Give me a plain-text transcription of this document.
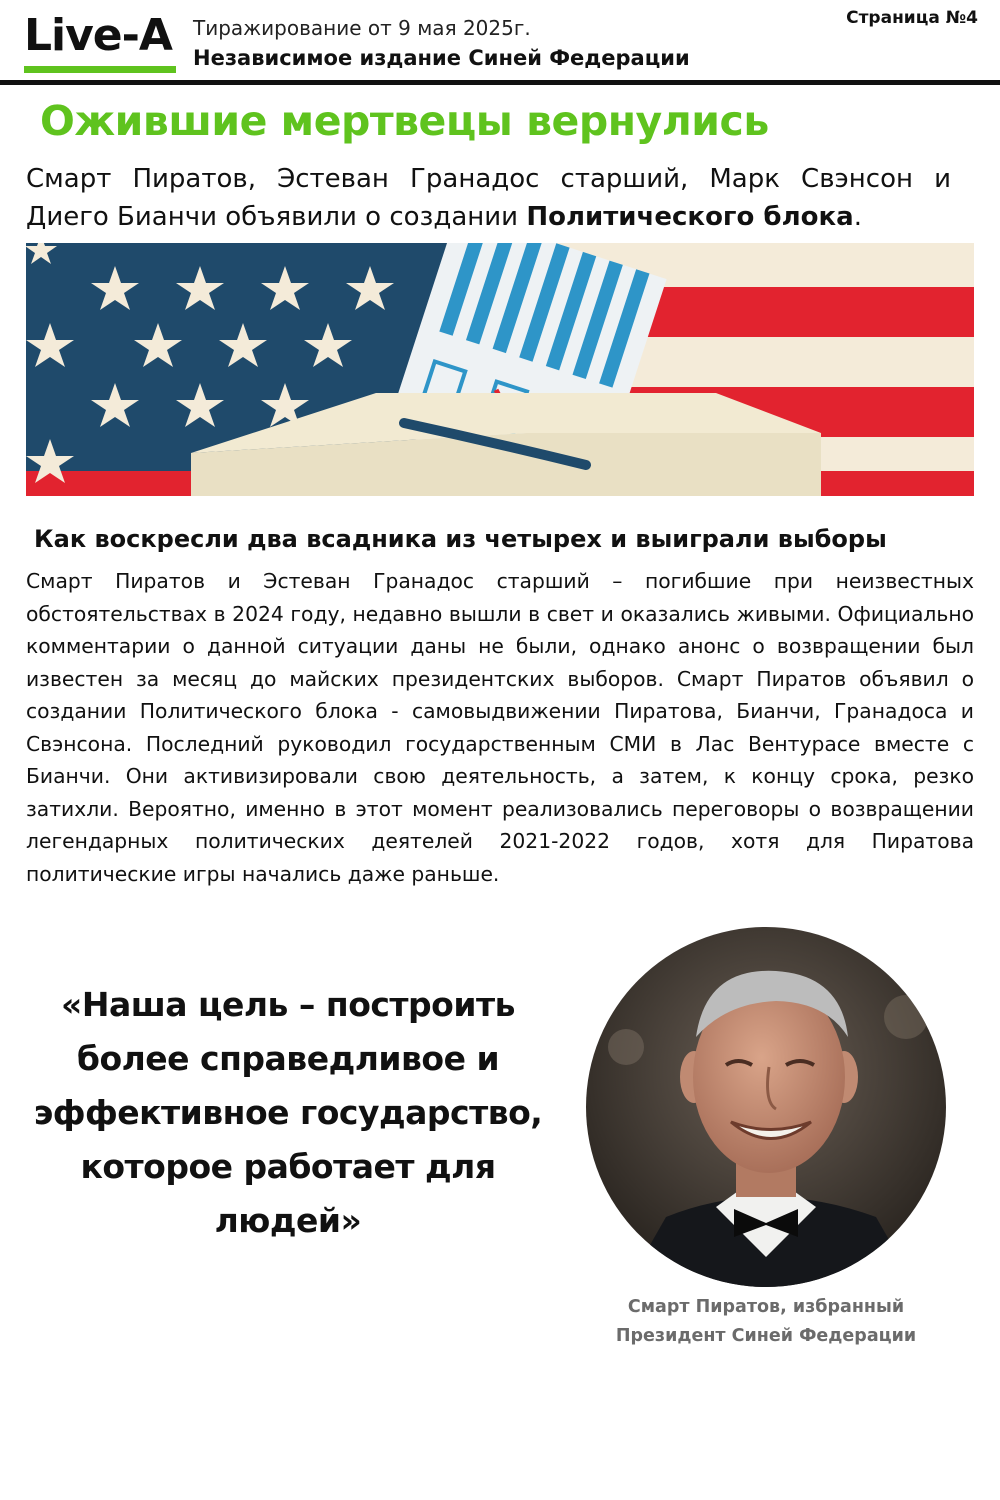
Live-A	Тиражирование от 9 мая 2025г.
Независимое издание Синей Федерации
Страница №4
Ожившие мертвецы вернулись

Смарт Пиратов, Эстеван Гранадос старший, Марк Свэнсон и Диего Бианчи объявили о создании Политического блока.

Как воскресли два всадника из четырех и выиграли выборы

Смарт Пиратов и Эстеван Гранадос старший – погибшие при неизвестных обстоятельствах в 2024 году, недавно вышли в свет и оказались живыми. Официально комментарии о данной ситуации даны не были, однако анонс о возвращении был известен за месяц до майских президентских выборов. Смарт Пиратов объявил о создании Политического блока - самовыдвижении Пиратова, Бианчи, Гранадоса и Свэнсона. Последний руководил государственным СМИ в Лас Вентурасе вместе с Бианчи. Они активизировали свою деятельность, а затем, к концу срока, резко затихли. Вероятно, именно в этот момент реализовались переговоры о возвращении легендарных политических деятелей 2021-2022 годов, хотя для Пиратова политические игры начались даже раньше.

«Наша цель – построить более справедливое и эффективное государство, которое работает для людей»
Смарт Пиратов, избранный
Президент Синей Федерации
